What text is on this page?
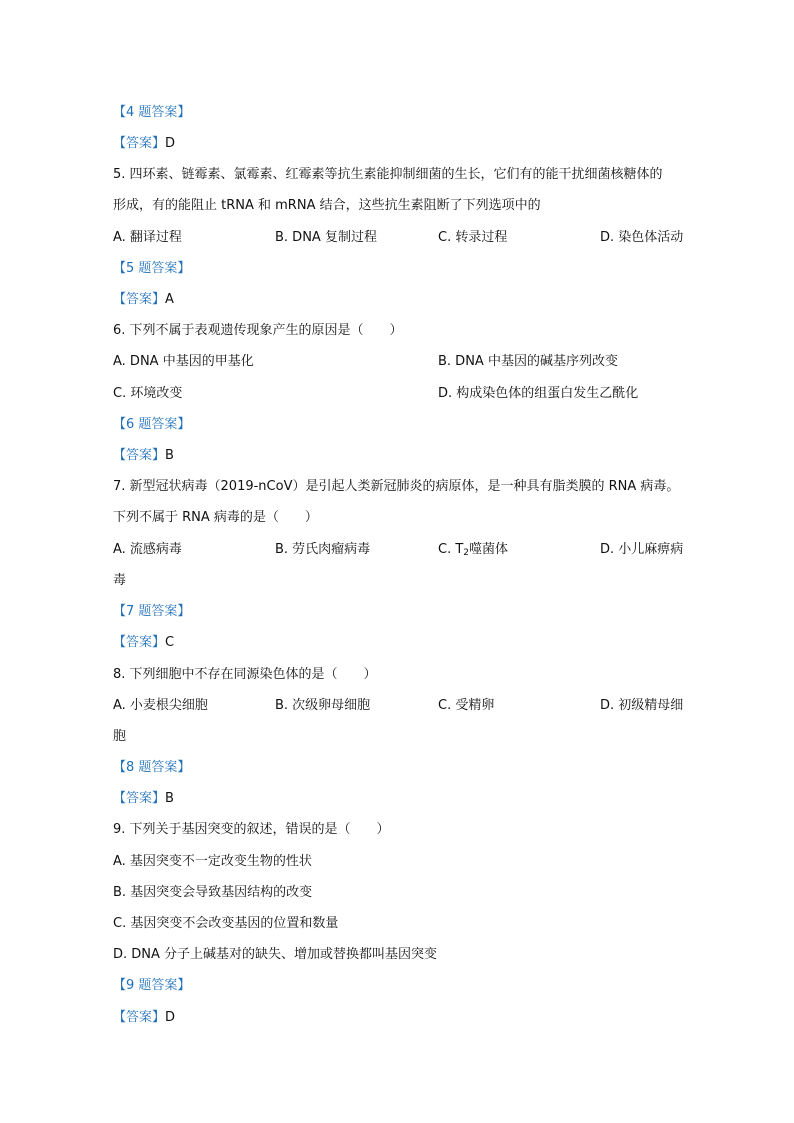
【4 题答案】
【答案】D
5. 四环素、链霉素、氯霉素、红霉素等抗生素能抑制细菌的生长，它们有的能干扰细菌核糖体的
形成，有的能阻止 tRNA 和 mRNA 结合，这些抗生素阻断了下列选项中的
A. 翻译过程	B. DNA 复制过程	C. 转录过程	D. 染色体活动
【5 题答案】
【答案】A
6. 下列不属于表观遗传现象产生的原因是（　　）
A. DNA 中基因的甲基化	B. DNA 中基因的碱基序列改变
C. 环境改变	D. 构成染色体的组蛋白发生乙酰化
【6 题答案】
【答案】B
7. 新型冠状病毒（2019-nCoV）是引起人类新冠肺炎的病原体，是一种具有脂类膜的 RNA 病毒。
下列不属于 RNA 病毒的是（　　）
A. 流感病毒	B. 劳氏肉瘤病毒	C. $T_2$噬菌体	D. 小儿麻痹病
毒
【7 题答案】
【答案】C
8. 下列细胞中不存在同源染色体的是（　　）
A. 小麦根尖细胞	B. 次级卵母细胞	C. 受精卵	D. 初级精母细
胞
【8 题答案】
【答案】B
9. 下列关于基因突变的叙述，错误的是（　　）
A. 基因突变不一定改变生物的性状
B. 基因突变会导致基因结构的改变
C. 基因突变不会改变基因的位置和数量
D. DNA 分子上碱基对的缺失、增加或替换都叫基因突变
【9 题答案】
【答案】D
